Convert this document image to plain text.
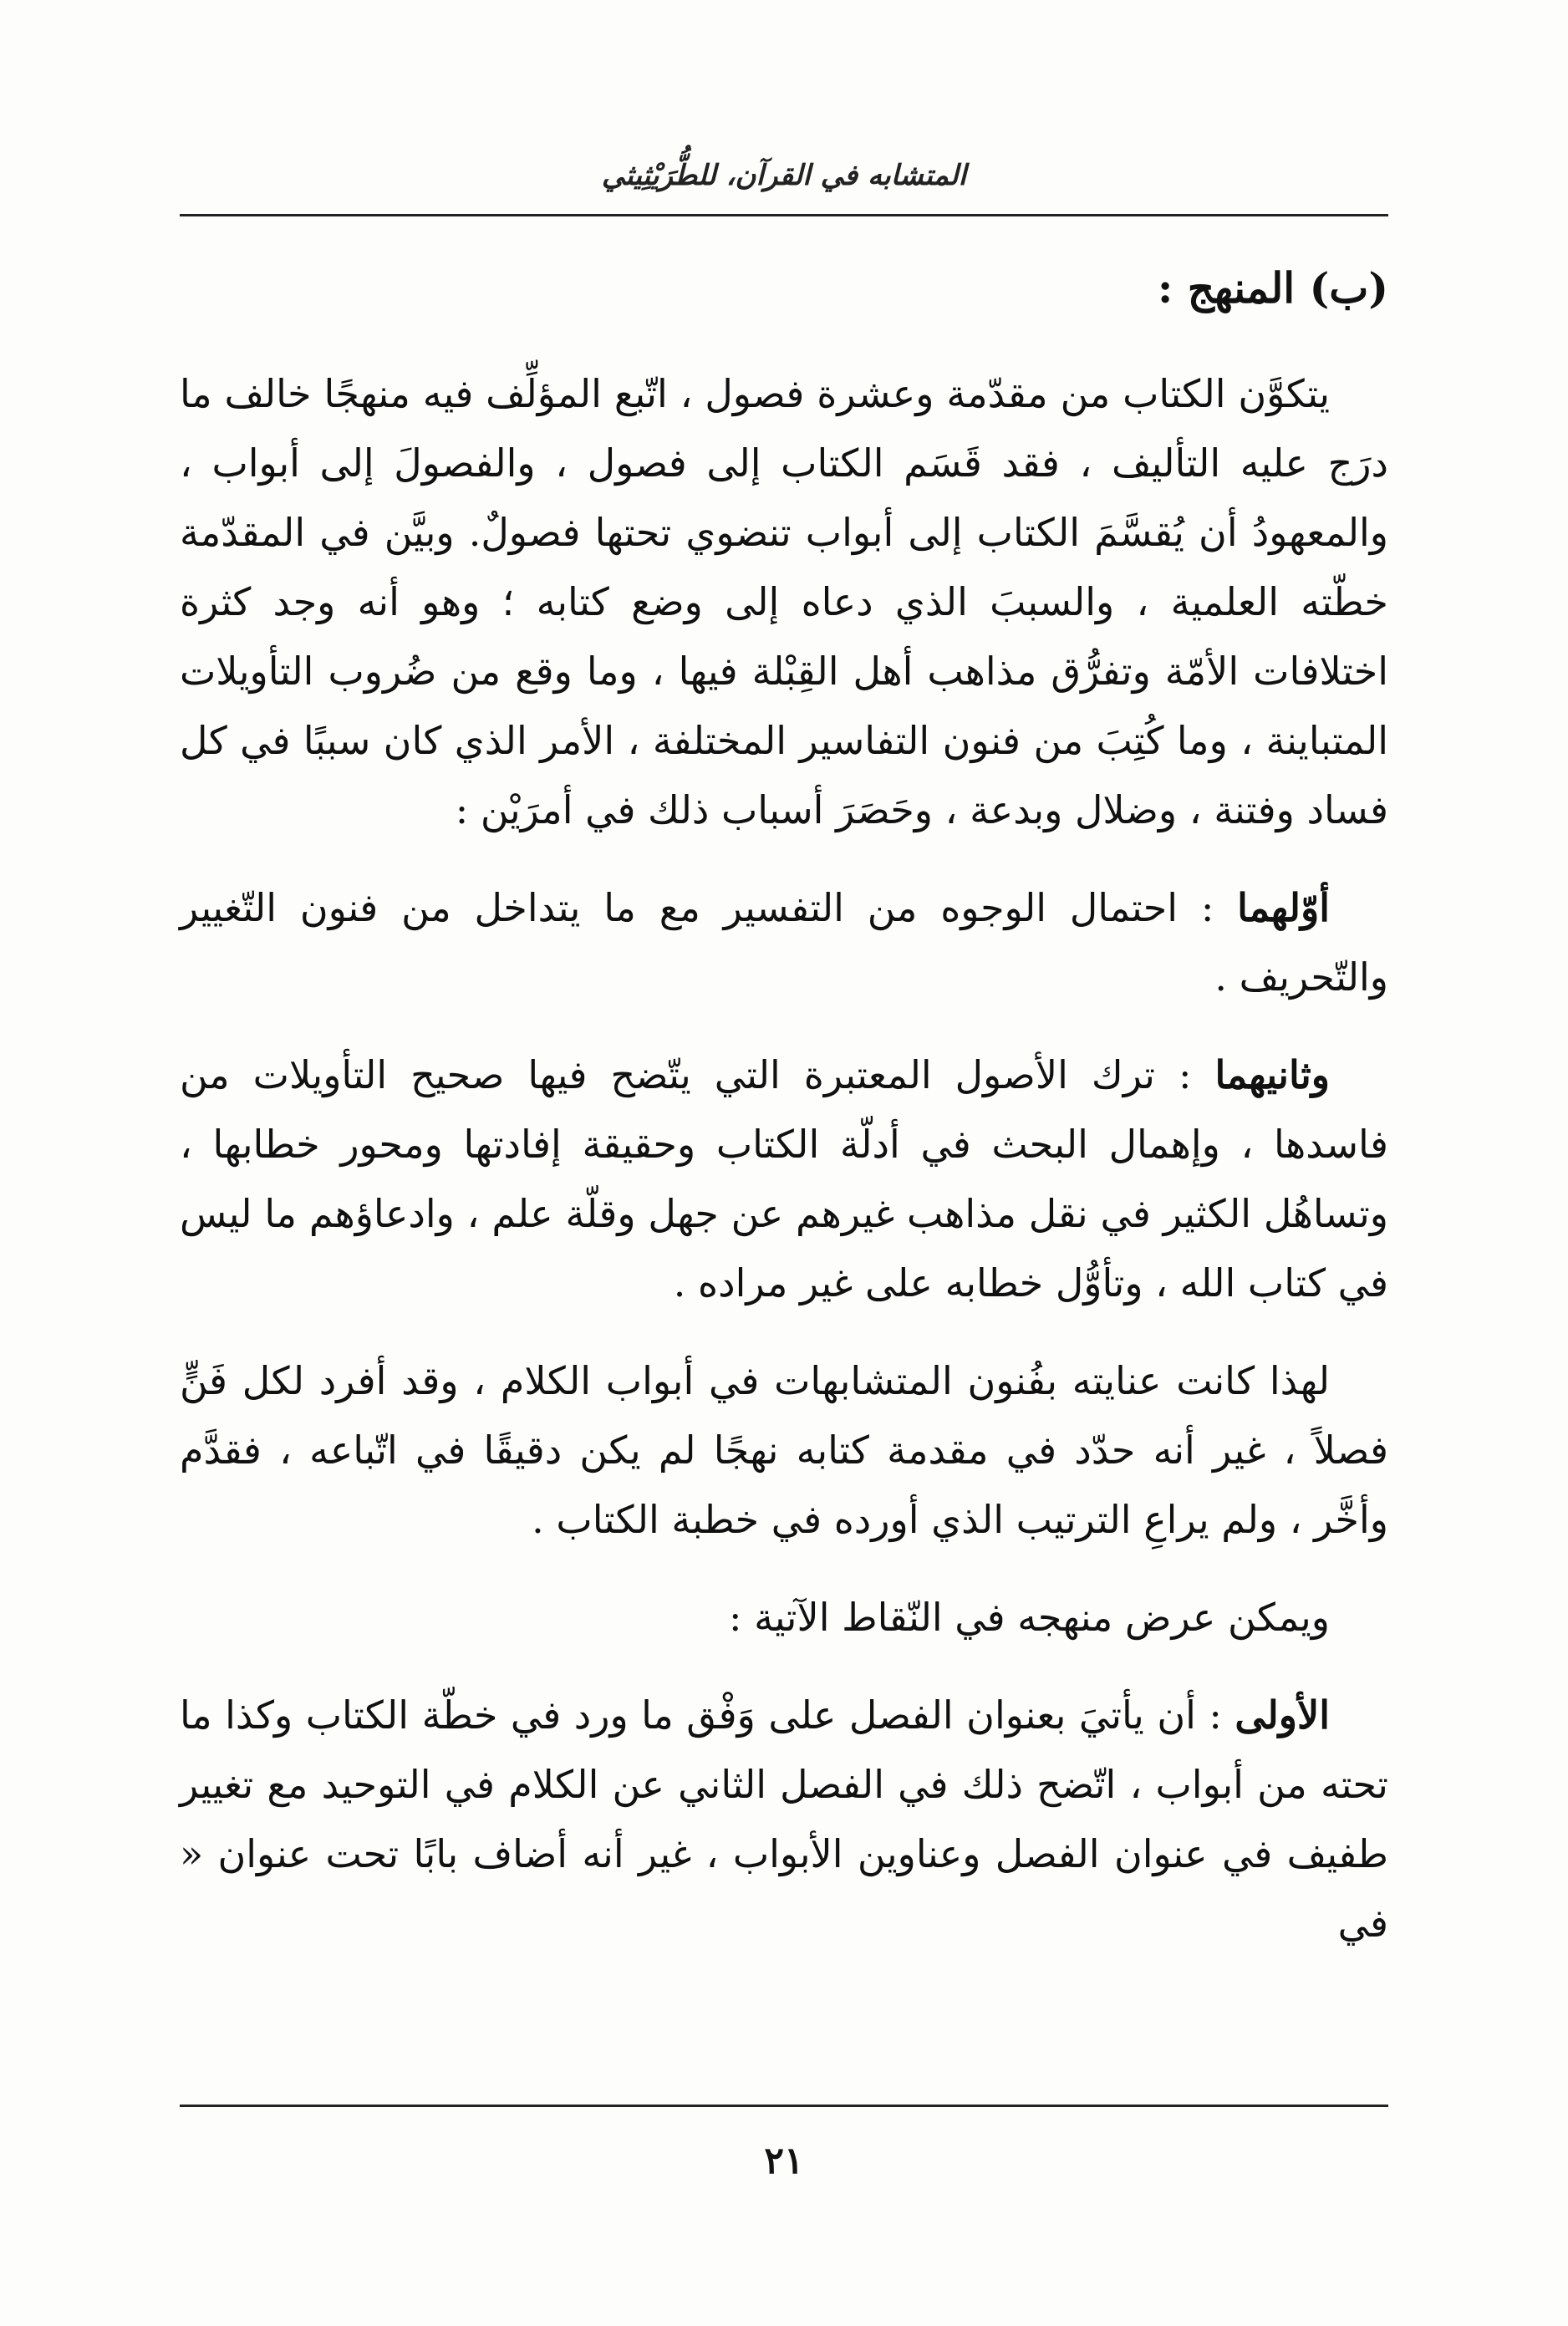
المتشابه في القرآن، للطُّرَيْثِيثي
(ب) المنهج :

يتكوَّن الكتاب من مقدّمة وعشرة فصول ، اتّبع المؤلِّف فيه منهجًا خالف ما درَج عليه التأليف ، فقد قَسَم الكتاب إلى فصول ، والفصولَ إلى أبواب ، والمعهودُ أن يُقسَّمَ الكتاب إلى أبواب تنضوي تحتها فصولٌ. وبيَّن في المقدّمة خطّته العلمية ، والسببَ الذي دعاه إلى وضع كتابه ؛ وهو أنه وجد كثرة اختلافات الأمّة وتفرُّق مذاهب أهل القِبْلة فيها ، وما وقع من ضُروب التأويلات المتباينة ، وما كُتِبَ من فنون التفاسير المختلفة ، الأمر الذي كان سببًا في كل فساد وفتنة ، وضلال وبدعة ، وحَصَرَ أسباب ذلك في أمرَيْن :

أوّلهما : احتمال الوجوه من التفسير مع ما يتداخل من فنون التّغيير والتّحريف .

وثانيهما : ترك الأصول المعتبرة التي يتّضح فيها صحيح التأويلات من فاسدها ، وإهمال البحث في أدلّة الكتاب وحقيقة إفادتها ومحور خطابها ، وتساهُل الكثير في نقل مذاهب غيرهم عن جهل وقلّة علم ، وادعاؤهم ما ليس في كتاب الله ، وتأوُّل خطابه على غير مراده .

لهذا كانت عنايته بفُنون المتشابهات في أبواب الكلام ، وقد أفرد لكل فَنٍّ فصلاً ، غير أنه حدّد في مقدمة كتابه نهجًا لم يكن دقيقًا في اتّباعه ، فقدَّم وأخَّر ، ولم يراعِ الترتيب الذي أورده في خطبة الكتاب .

ويمكن عرض منهجه في النّقاط الآتية :

الأولى : أن يأتيَ بعنوان الفصل على وَفْق ما ورد في خطّة الكتاب وكذا ما تحته من أبواب ، اتّضح ذلك في الفصل الثاني عن الكلام في التوحيد مع تغيير طفيف في عنوان الفصل وعناوين الأبواب ، غير أنه أضاف بابًا تحت عنوان « في

٢١
